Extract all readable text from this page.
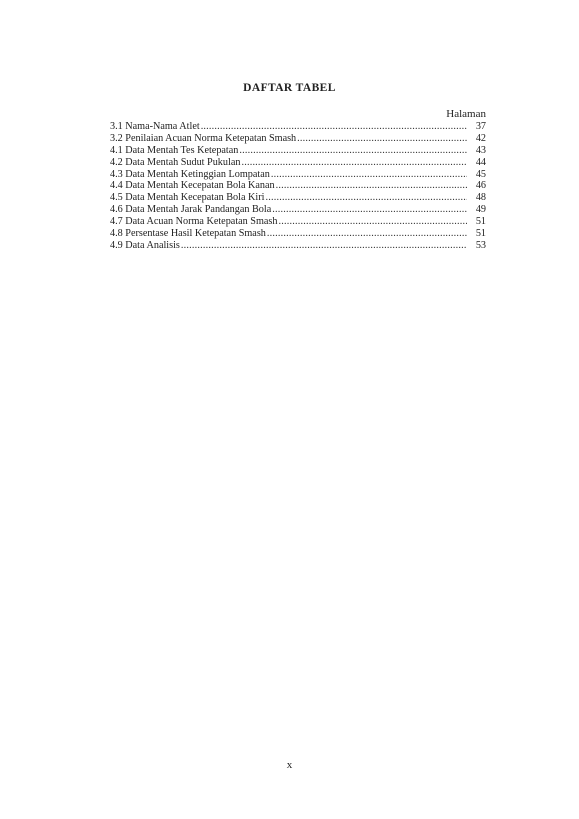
DAFTAR TABEL
Halaman
3.1 Nama-Nama Atlet .....	37
3.2 Penilaian Acuan Norma Ketepatan Smash .....	42
4.1 Data Mentah Tes Ketepatan .....	43
4.2 Data Mentah Sudut Pukulan .....	44
4.3 Data Mentah Ketinggian Lompatan .....	45
4.4 Data Mentah Kecepatan Bola Kanan .....	46
4.5 Data Mentah Kecepatan Bola Kiri .....	48
4.6 Data Mentah Jarak Pandangan Bola .....	49
4.7 Data Acuan Norma Ketepatan Smash .....	51
4.8 Persentase Hasil Ketepatan Smash .....	51
4.9 Data Analisis .....	53
x
